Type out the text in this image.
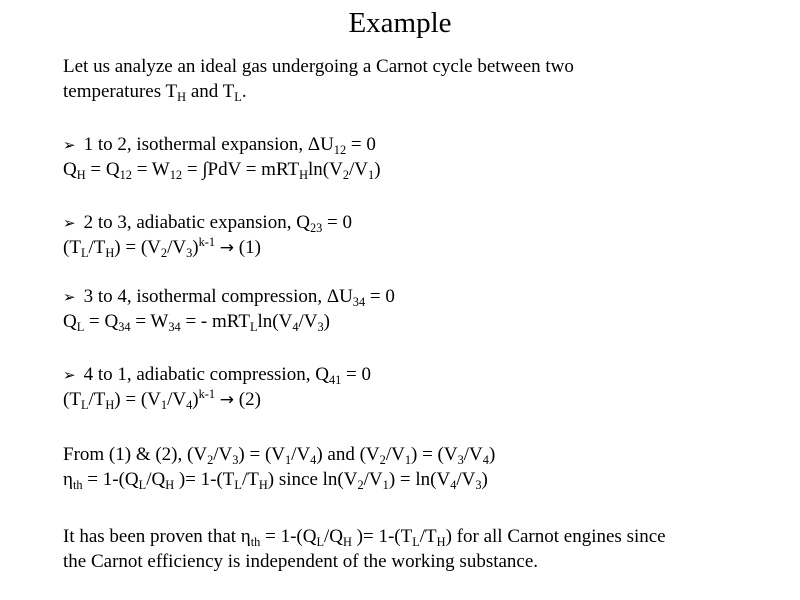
Example
Let us analyze an ideal gas undergoing a Carnot cycle between two
temperatures $T_H$ and $T_L$.
➢ 1 to 2, isothermal expansion, $\Delta U_{12} = 0$
$Q_H = Q_{12} = W_{12} = \int PdV = mRT_H\ln(V_2/V_1)$
➢ 2 to 3, adiabatic expansion, $Q_{23} = 0$
$(T_L/T_H) = (V_2/V_3)^{k-1} \to (1)$
➢ 3 to 4, isothermal compression, $\Delta U_{34} = 0$
$Q_L = Q_{34} = W_{34}$ = - $mRT_L\ln(V_4/V_3)$
➢ 4 to 1, adiabatic compression, $Q_{41} = 0$
$(T_L/T_H) = (V_1/V_4)^{k-1} \to (2)$
From (1) & (2), $(V_2/V_3) = (V_1/V_4)$ and $(V_2/V_1) = (V_3/V_4)$
$\eta_{th} = 1-(Q_L/Q_H$ )= $1-(T_L/T_H)$ since $\ln(V_2/V_1) = \ln(V_4/V_3)$
It has been proven that $\eta_{th} = 1-(Q_L/Q_H$ )= $1-(T_L/T_H)$ for all Carnot engines since
the Carnot efficiency is independent of the working substance.
